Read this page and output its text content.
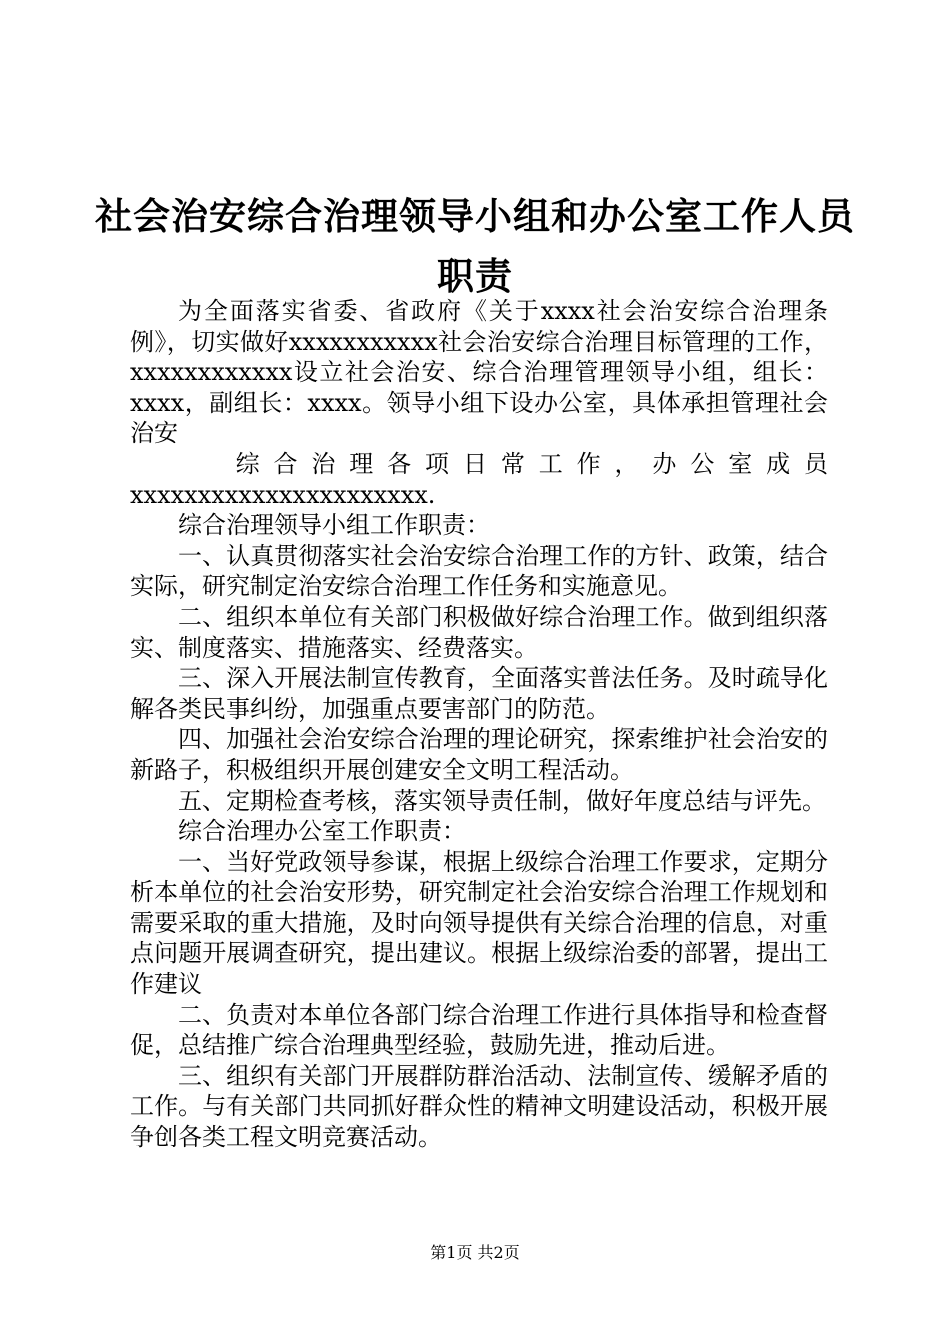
社会治安综合治理领导小组和办公室工作人员
职责

为全面落实省委、省政府《关于xxxx社会治安综合治理条例》，切实做好xxxxxxxxxxx社会治安综合治理目标管理的工作，xxxxxxxxxxxx设立社会治安、综合治理管理领导小组，组长：xxxx，副组长：xxxx。领导小组下设办公室，具体承担管理社会治安

综 合 治 理 各 项 日 常 工 作 ， 办 公 室 成 员

xxxxxxxxxxxxxxxxxxxxxx.

综合治理领导小组工作职责：

一、认真贯彻落实社会治安综合治理工作的方针、政策，结合实际，研究制定治安综合治理工作任务和实施意见。

二、组织本单位有关部门积极做好综合治理工作。做到组织落实、制度落实、措施落实、经费落实。

三、深入开展法制宣传教育，全面落实普法任务。及时疏导化解各类民事纠纷，加强重点要害部门的防范。

四、加强社会治安综合治理的理论研究，探索维护社会治安的新路子，积极组织开展创建安全文明工程活动。

五、定期检查考核，落实领导责任制，做好年度总结与评先。

综合治理办公室工作职责：

一、当好党政领导参谋，根据上级综合治理工作要求，定期分析本单位的社会治安形势，研究制定社会治安综合治理工作规划和需要采取的重大措施，及时向领导提供有关综合治理的信息，对重点问题开展调查研究，提出建议。根据上级综治委的部署，提出工作建议

二、负责对本单位各部门综合治理工作进行具体指导和检查督促，总结推广综合治理典型经验，鼓励先进，推动后进。

三、组织有关部门开展群防群治活动、法制宣传、缓解矛盾的工作。与有关部门共同抓好群众性的精神文明建设活动，积极开展争创各类工程文明竞赛活动。

第1页 共2页
